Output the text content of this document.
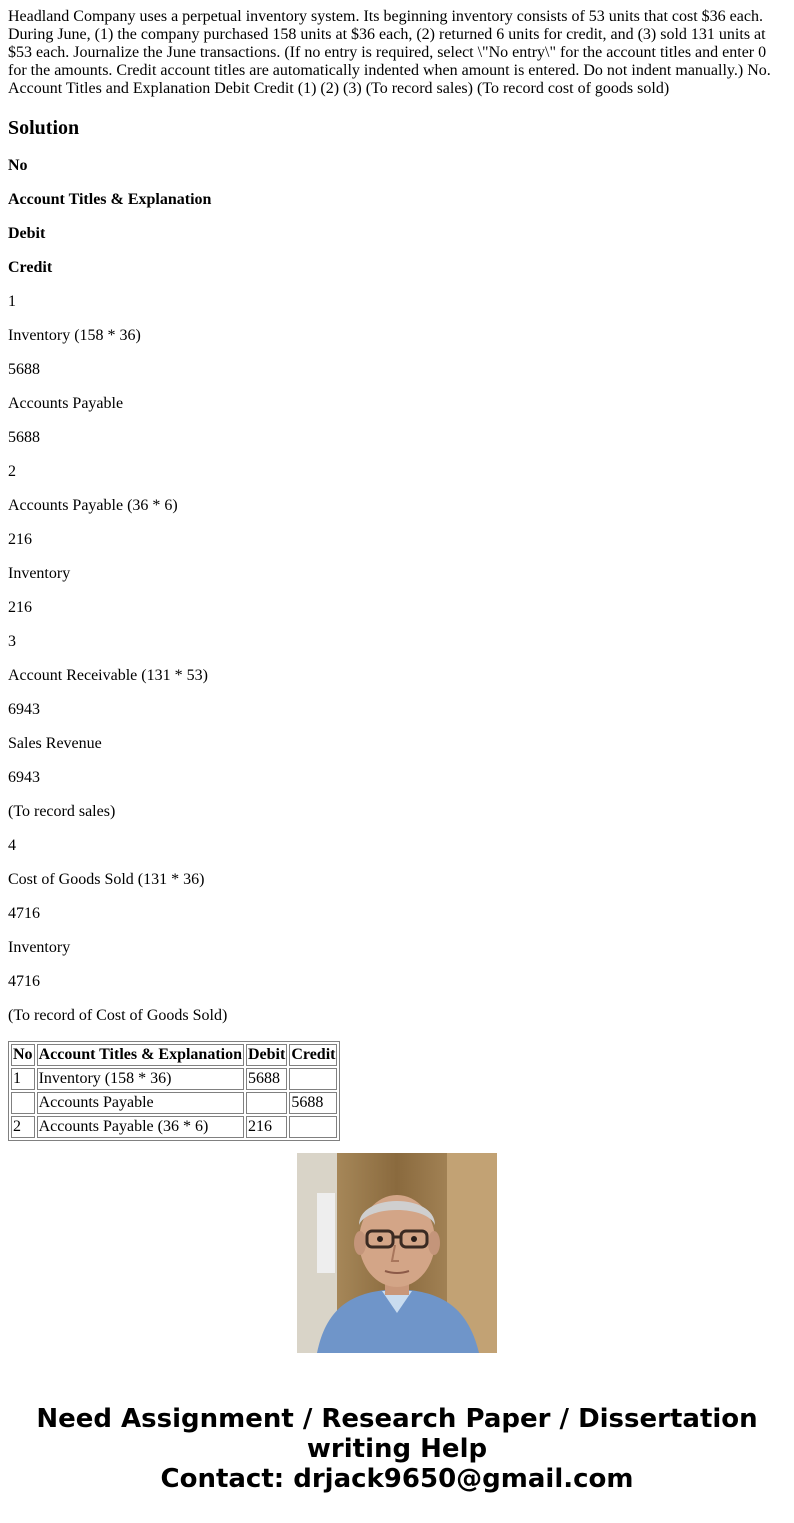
Headland Company uses a perpetual inventory system. Its beginning inventory consists of 53 units that cost $36 each. During June, (1) the company purchased 158 units at $36 each, (2) returned 6 units for credit, and (3) sold 131 units at $53 each. Journalize the June transactions. (If no entry is required, select \"No entry\" for the account titles and enter 0 for the amounts. Credit account titles are automatically indented when amount is entered. Do not indent manually.) No. Account Titles and Explanation Debit Credit (1) (2) (3) (To record sales) (To record cost of goods sold)
Solution

No

Account Titles & Explanation

Debit

Credit

1

Inventory (158 * 36)

5688

Accounts Payable

5688

2

Accounts Payable (36 * 6)

216

Inventory

216

3

Account Receivable (131 * 53)

6943

Sales Revenue

6943

(To record sales)

4

Cost of Goods Sold (131 * 36)

4716

Inventory

4716

(To record of Cost of Goods Sold)

No	Account Titles & Explanation	Debit	Credit
1	Inventory (158 * 36)	5688	
	Accounts Payable		5688
2	Accounts Payable (36 * 6)	216	
Need Assignment / Research Paper / Dissertation
writing Help
Contact: drjack9650@gmail.com
